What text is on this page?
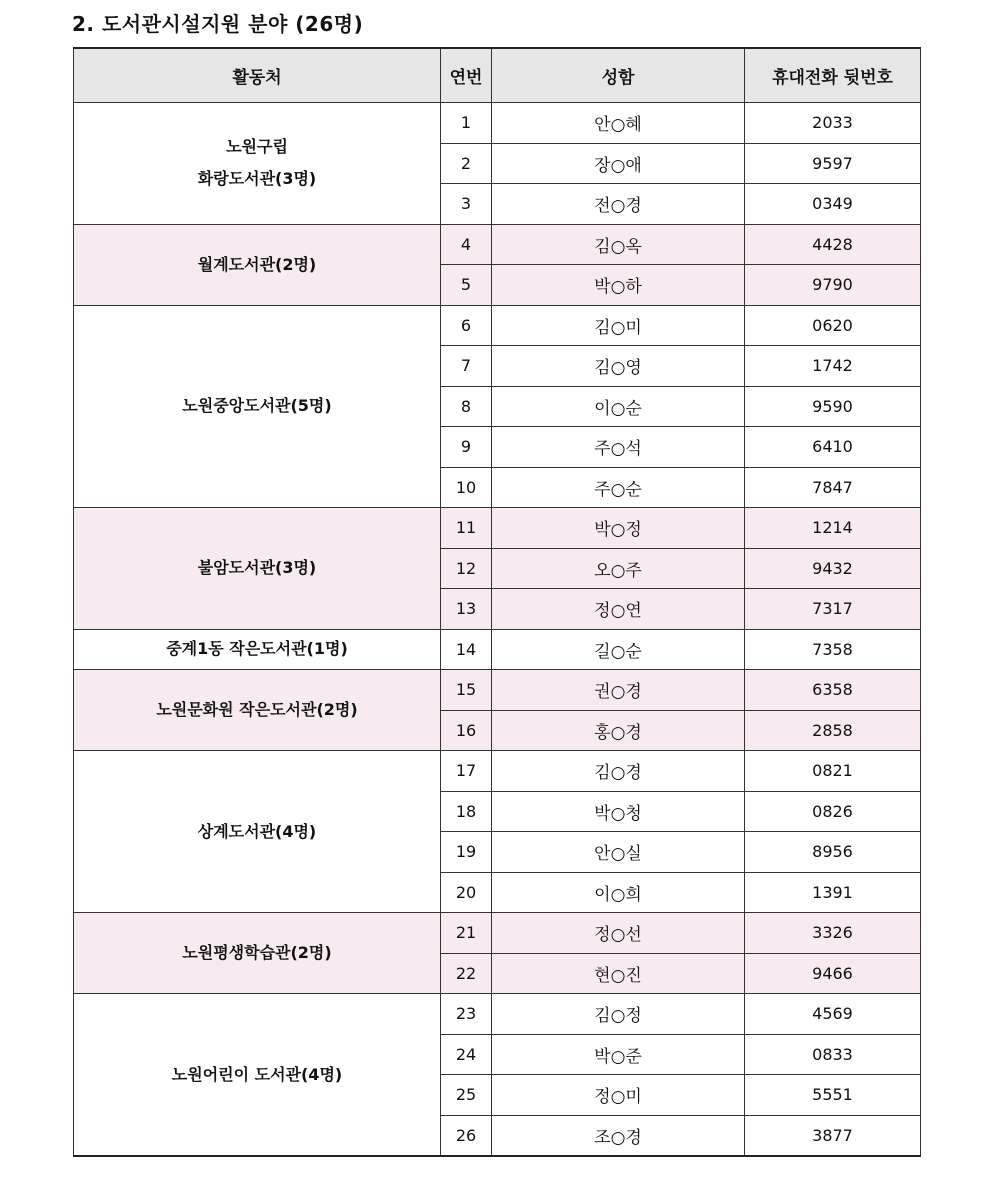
2. 도서관시설지원 분야 (26명)
활동처	연번	성함	휴대전화 뒷번호
노원구립
화랑도서관(3명)	1	안○혜	2033
	2	장○애	9597
	3	전○경	0349
월계도서관(2명)	4	김○옥	4428
	5	박○하	9790
노원중앙도서관(5명)	6	김○미	0620
	7	김○영	1742
	8	이○순	9590
	9	주○석	6410
	10	주○순	7847
불암도서관(3명)	11	박○정	1214
	12	오○주	9432
	13	정○연	7317
중계1동 작은도서관(1명)	14	길○순	7358
노원문화원 작은도서관(2명)	15	권○경	6358
	16	홍○경	2858
상계도서관(4명)	17	김○경	0821
	18	박○청	0826
	19	안○실	8956
	20	이○희	1391
노원평생학습관(2명)	21	정○선	3326
	22	현○진	9466
노원어린이 도서관(4명)	23	김○정	4569
	24	박○준	0833
	25	정○미	5551
	26	조○경	3877
